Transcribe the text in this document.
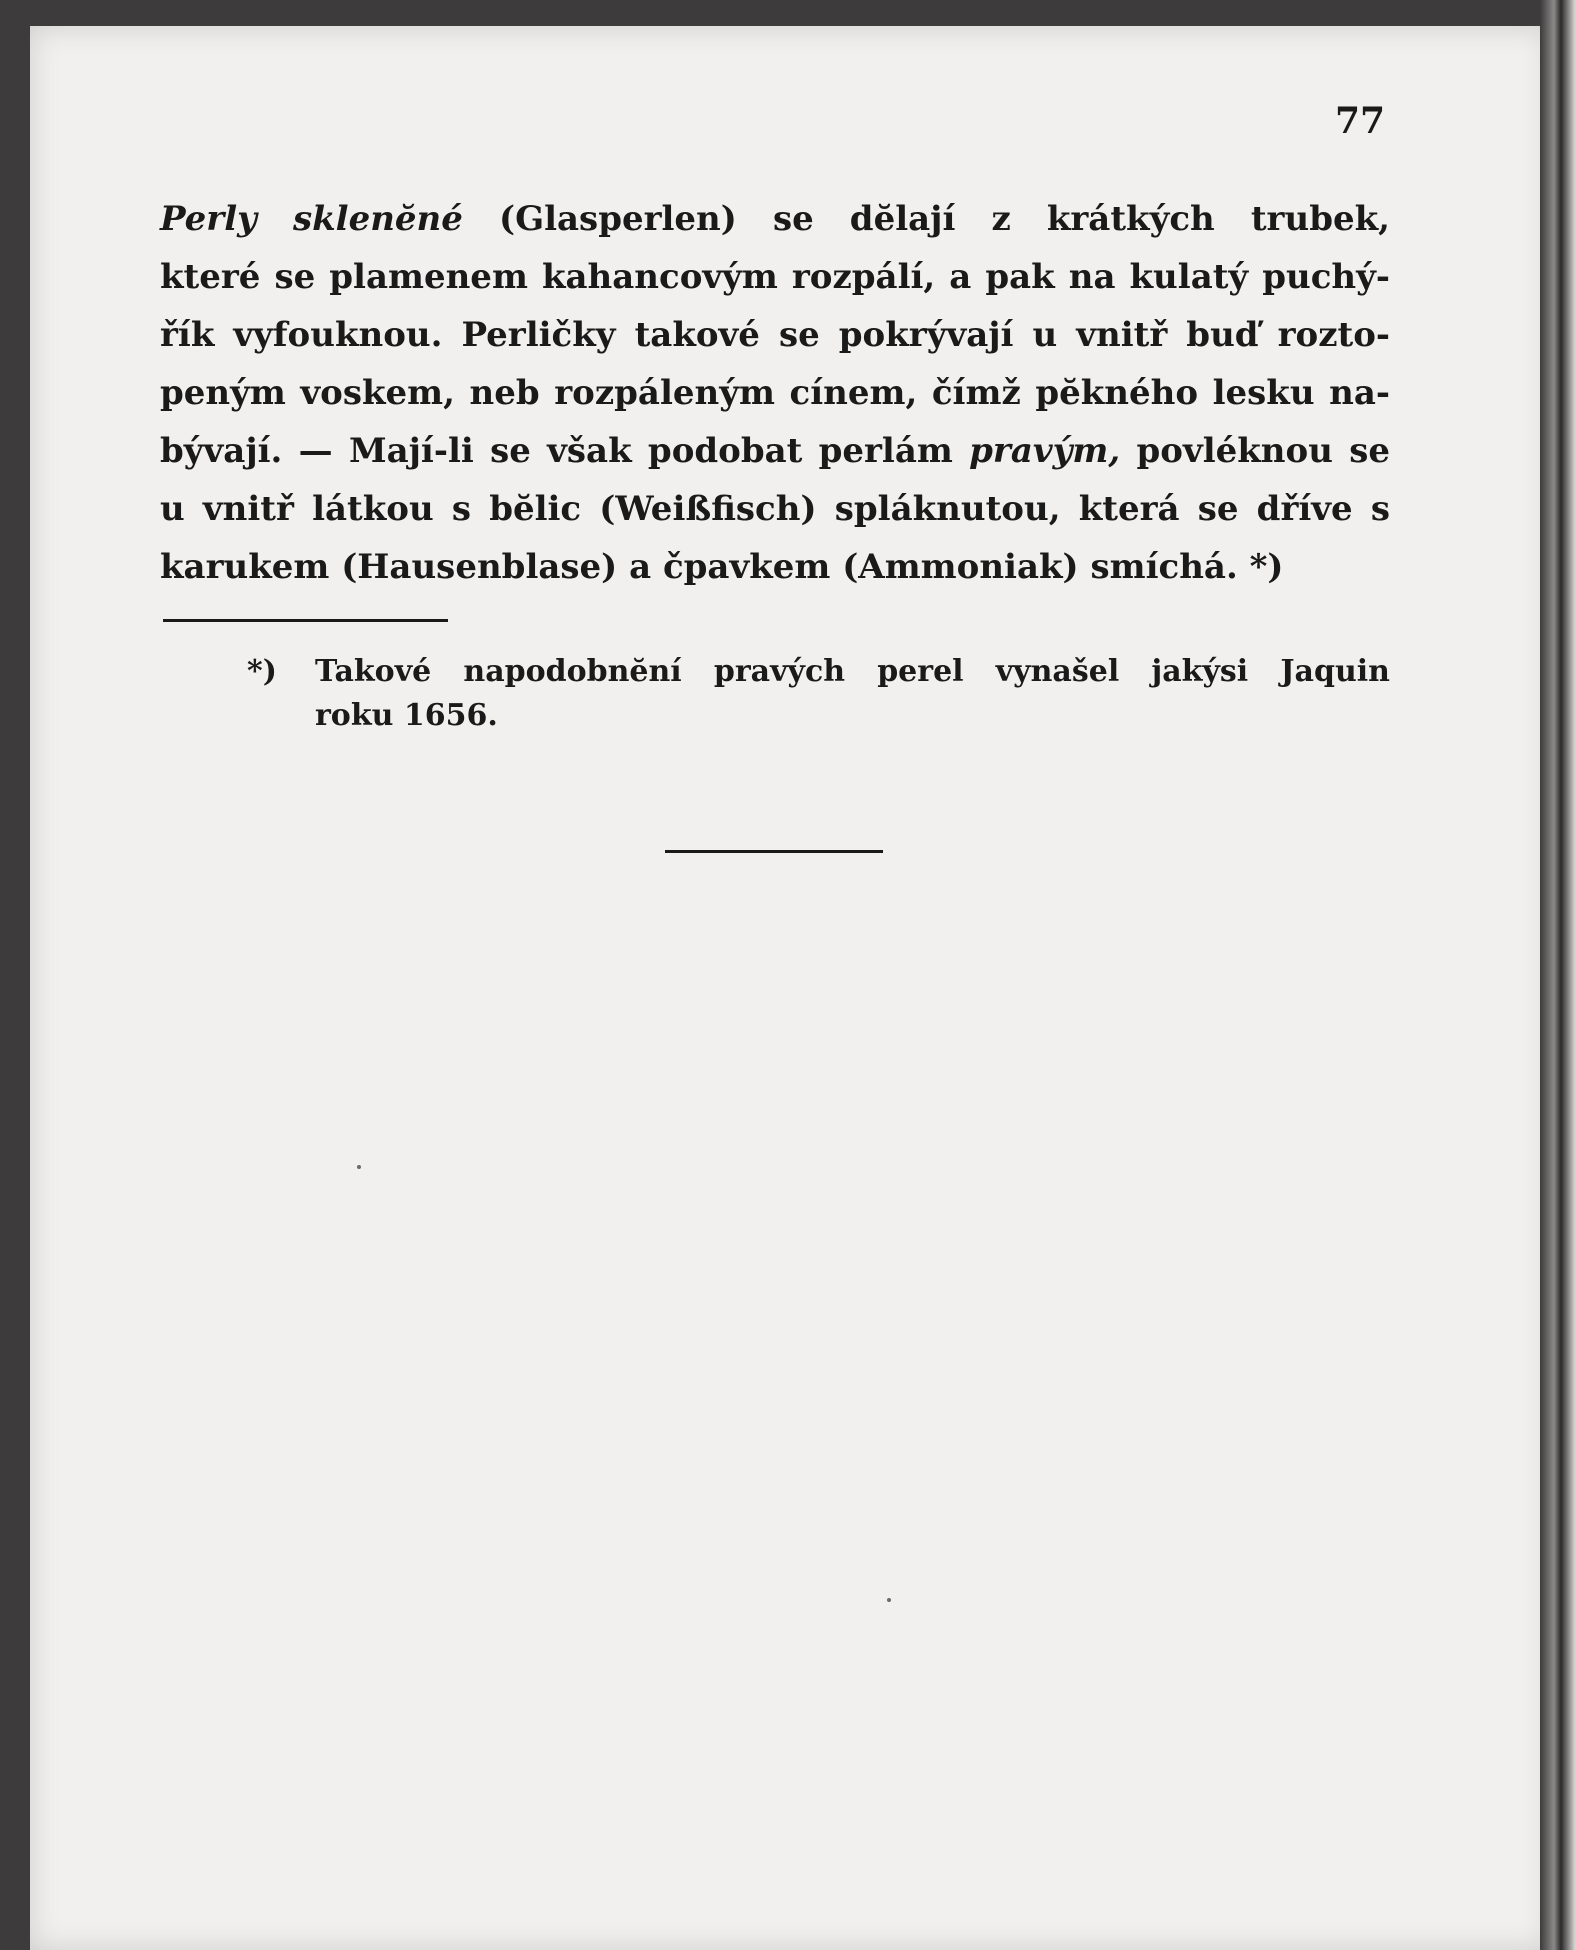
77
Perly sklenĕné (Glasperlen) se dĕlají z krátkých trubek,
které se plamenem kahancovým rozpálí, a pak na kulatý puchý-
řík vyfouknou. Perličky takové se pokrývají u vnitř buď rozto-
peným voskem, neb rozpáleným cínem, čímž pĕkného lesku na-
bývají. — Mají-li se však podobat perlám pravým, povléknou se
u vnitř látkou s bĕlic (Weißfisch) spláknutou, která se dříve s
karukem (Hausenblase) a čpavkem (Ammoniak) smíchá. *)
*) Takové napodobnĕní pravých perel vynašel jakýsi Jaquin
roku 1656.
